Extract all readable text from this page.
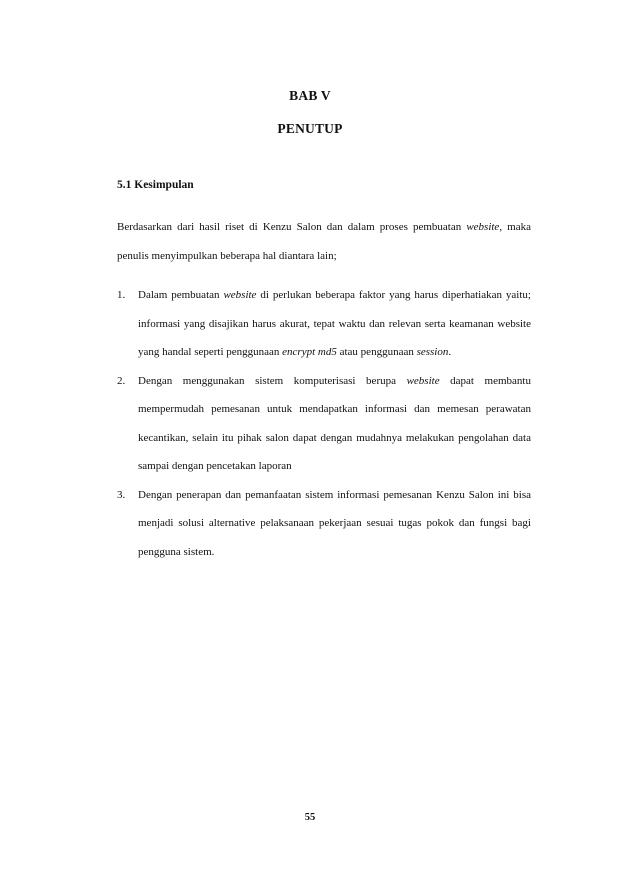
BAB V
PENUTUP
5.1 Kesimpulan
Berdasarkan dari hasil riset di Kenzu Salon dan dalam proses pembuatan website, maka penulis menyimpulkan beberapa hal diantara lain;
1. Dalam pembuatan website di perlukan beberapa faktor yang harus diperhatiakan yaitu; informasi yang disajikan harus akurat, tepat waktu dan relevan serta keamanan website yang handal seperti penggunaan encrypt md5 atau penggunaan session.
2. Dengan menggunakan sistem komputerisasi berupa website dapat membantu mempermudah pemesanan untuk mendapatkan informasi dan memesan perawatan kecantikan, selain itu pihak salon dapat dengan mudahnya melakukan pengolahan data sampai dengan pencetakan laporan
3. Dengan penerapan dan pemanfaatan sistem informasi pemesanan Kenzu Salon ini bisa menjadi solusi alternative pelaksanaan pekerjaan sesuai tugas pokok dan fungsi bagi pengguna sistem.
55
